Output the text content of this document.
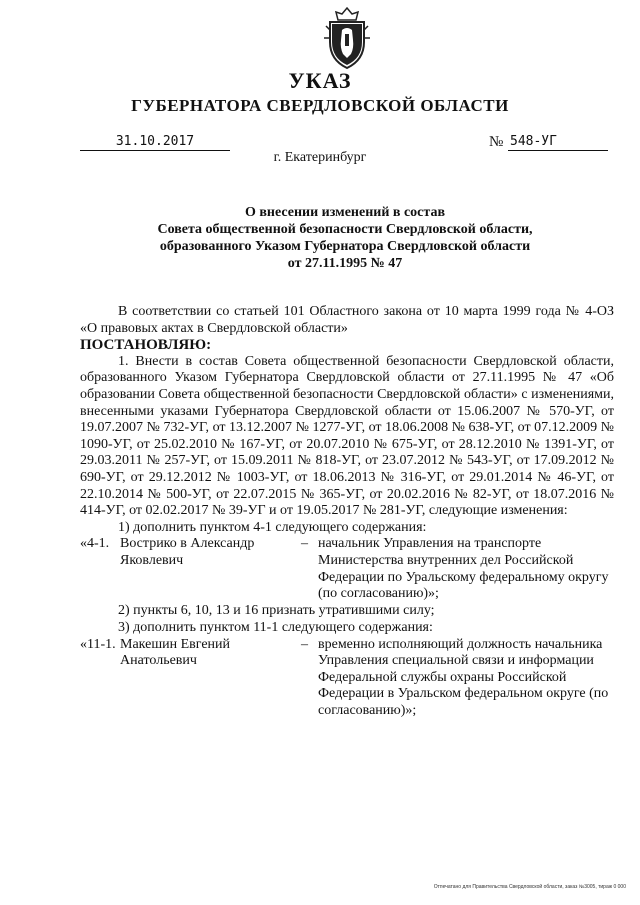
УКАЗ
ГУБЕРНАТОРА СВЕРДЛОВСКОЙ ОБЛАСТИ
31.10.2017	№ 548-УГ
г. Екатеринбург
О внесении изменений в состав
Совета общественной безопасности Свердловской области,
образованного Указом Губернатора Свердловской области
от 27.11.1995 № 47

В соответствии со статьей 101 Областного закона от 10 марта 1999 года № 4-ОЗ «О правовых актах в Свердловской области»

ПОСТАНОВЛЯЮ:

1. Внести в состав Совета общественной безопасности Свердловской области, образованного Указом Губернатора Свердловской области от 27.11.1995 № 47 «Об образовании Совета общественной безопасности Свердловской области» с изменениями, внесенными указами Губернатора Свердловской области от 15.06.2007 № 570-УГ, от 19.07.2007 № 732-УГ, от 13.12.2007 № 1277-УГ, от 18.06.2008 № 638-УГ, от 07.12.2009 № 1090-УГ, от 25.02.2010 № 167-УГ, от 20.07.2010 № 675-УГ, от 28.12.2010 № 1391-УГ, от 29.03.2011 № 257-УГ, от 15.09.2011 № 818-УГ, от 23.07.2012 № 543-УГ, от 17.09.2012 № 690-УГ, от 29.12.2012 № 1003-УГ, от 18.06.2013 № 316-УГ, от 29.01.2014 № 46-УГ, от 22.10.2014 № 500-УГ, от 22.07.2015 № 365-УГ, от 20.02.2016 № 82-УГ, от 18.07.2016 № 414-УГ, от 02.02.2017 № 39-УГ и от 19.05.2017 № 281-УГ, следующие изменения:

1) дополнить пунктом 4-1 следующего содержания:

«4-1. Вострико в Александр Яковлевич
– начальник Управления на транспорте Министерства внутренних дел Российской Федерации по Уральскому федеральному округу (по согласованию)»;

2) пункты 6, 10, 13 и 16 признать утратившими силу;

3) дополнить пунктом 11-1 следующего содержания:

«11-1. Макешин Евгений Анатольевич
– временно исполняющий должность начальника Управления специальной связи и информации Федеральной службы охраны Российской Федерации в Уральском федеральном округе (по согласованию)»;
Отпечатано для Правительства Свердловской области, заказ №3005, тираж 0 000
